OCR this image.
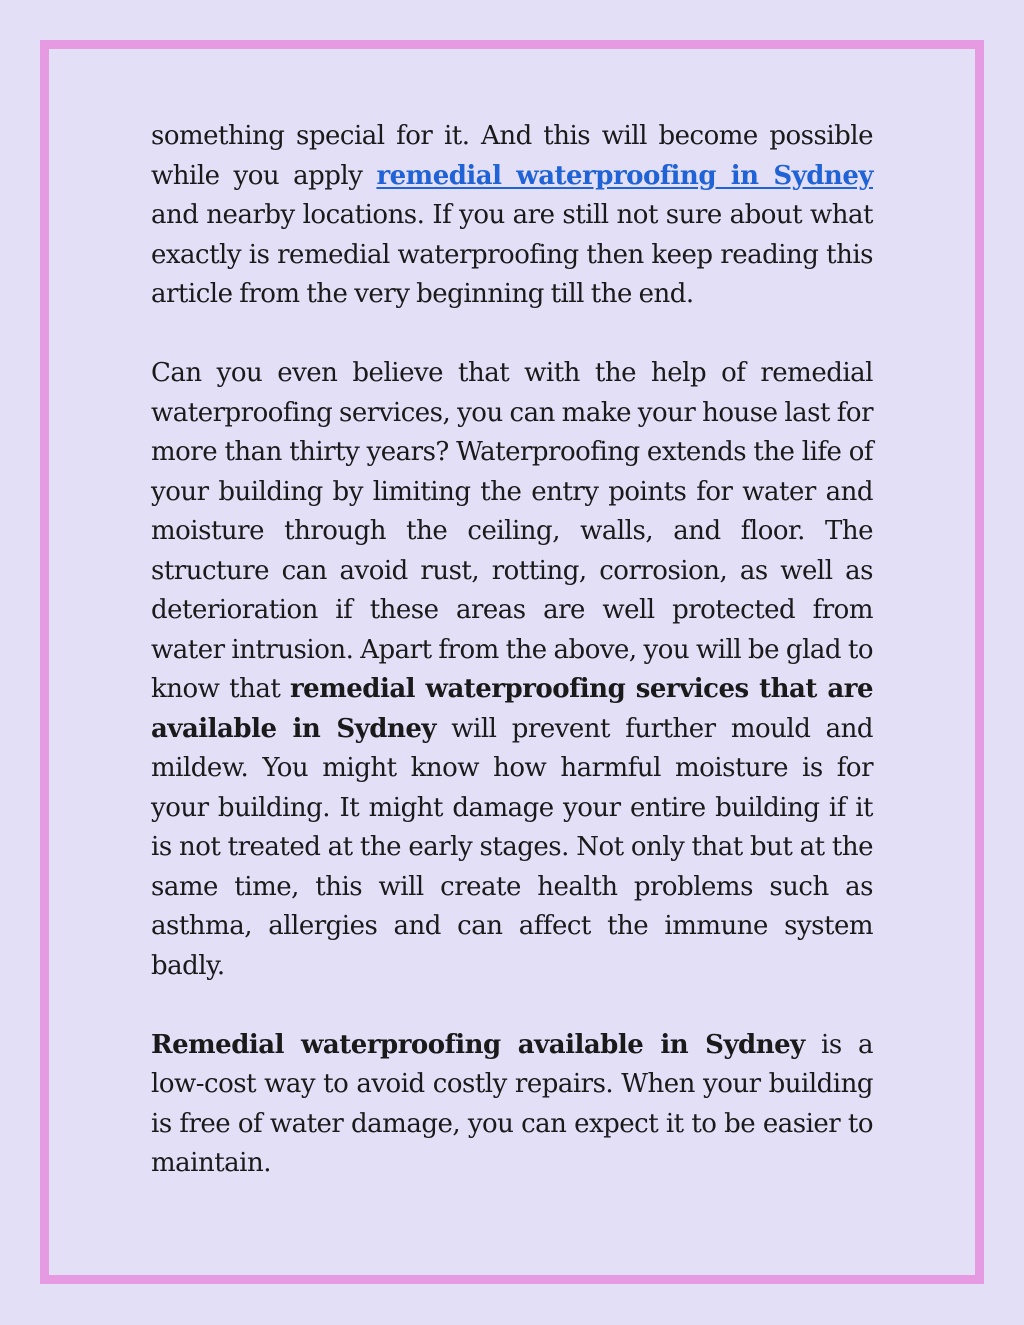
something special for it. And this will become possible while you apply remedial waterproofing in Sydney and nearby locations. If you are still not sure about what exactly is remedial waterproofing then keep reading this article from the very beginning till the end.

Can you even believe that with the help of remedial waterproofing services, you can make your house last for more than thirty years? Waterproofing extends the life of your building by limiting the entry points for water and moisture through the ceiling, walls, and floor. The structure can avoid rust, rotting, corrosion, as well as deterioration if these areas are well protected from water intrusion. Apart from the above, you will be glad to know that remedial waterproofing services that are available in Sydney will prevent further mould and mildew. You might know how harmful moisture is for your building. It might damage your entire building if it is not treated at the early stages. Not only that but at the same time, this will create health problems such as asthma, allergies and can affect the immune system badly.

Remedial waterproofing available in Sydney is a low-cost way to avoid costly repairs. When your building is free of water damage, you can expect it to be easier to maintain.
